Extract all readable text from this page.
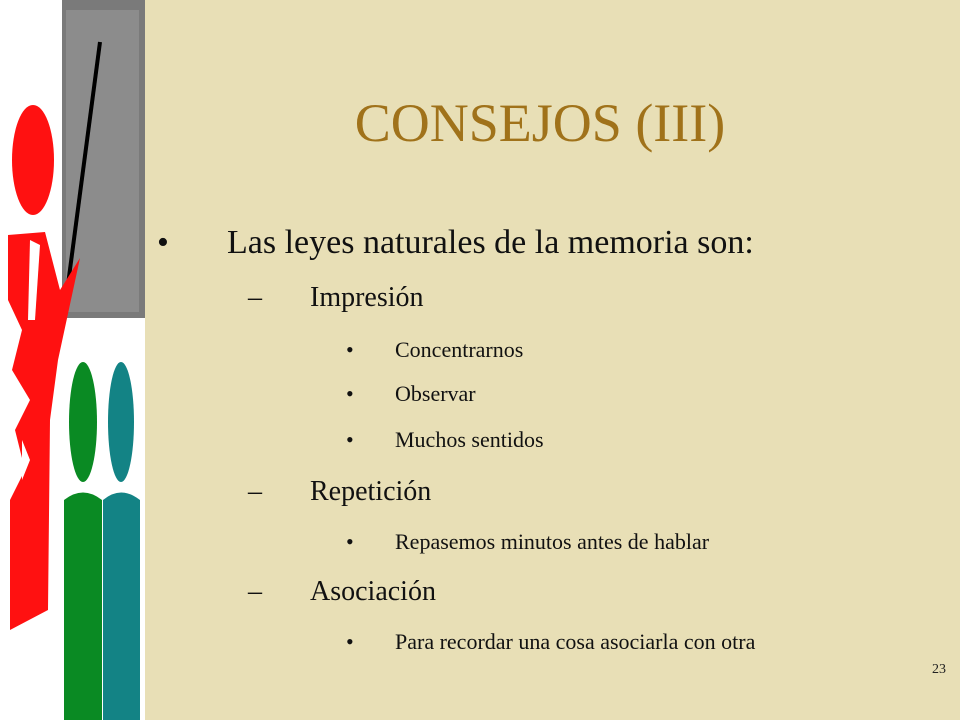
CONSEJOS (III)
• Las leyes naturales de la memoria son:
– Impresión
• Concentrarnos
• Observar
• Muchos sentidos
– Repetición
• Repasemos minutos antes de hablar
– Asociación
• Para recordar una cosa asociarla con otra
23
